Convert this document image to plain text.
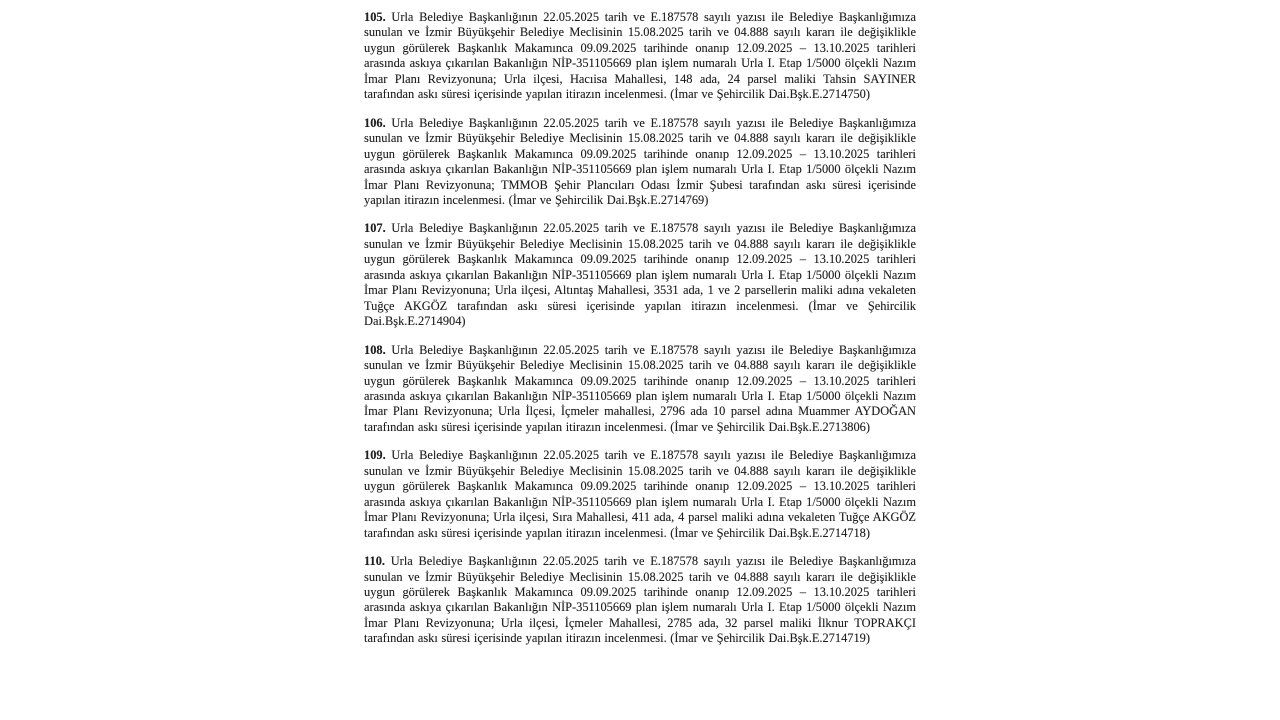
105. Urla Belediye Başkanlığının 22.05.2025 tarih ve E.187578 sayılı yazısı ile Belediye Başkanlığımıza sunulan ve İzmir Büyükşehir Belediye Meclisinin 15.08.2025 tarih ve 04.888 sayılı kararı ile değişiklikle uygun görülerek Başkanlık Makamınca 09.09.2025 tarihinde onanıp 12.09.2025 – 13.10.2025 tarihleri arasında askıya çıkarılan Bakanlığın NİP-351105669 plan işlem numaralı Urla I. Etap 1/5000 ölçekli Nazım İmar Planı Revizyonuna; Urla ilçesi, Hacıisa Mahallesi, 148 ada, 24 parsel maliki Tahsin SAYINER tarafından askı süresi içerisinde yapılan itirazın incelenmesi. (İmar ve Şehircilik Dai.Bşk.E.2714750)

106. Urla Belediye Başkanlığının 22.05.2025 tarih ve E.187578 sayılı yazısı ile Belediye Başkanlığımıza sunulan ve İzmir Büyükşehir Belediye Meclisinin 15.08.2025 tarih ve 04.888 sayılı kararı ile değişiklikle uygun görülerek Başkanlık Makamınca 09.09.2025 tarihinde onanıp 12.09.2025 – 13.10.2025 tarihleri arasında askıya çıkarılan Bakanlığın NİP-351105669 plan işlem numaralı Urla I. Etap 1/5000 ölçekli Nazım İmar Planı Revizyonuna; TMMOB Şehir Plancıları Odası İzmir Şubesi tarafından askı süresi içerisinde yapılan itirazın incelenmesi. (İmar ve Şehircilik Dai.Bşk.E.2714769)

107. Urla Belediye Başkanlığının 22.05.2025 tarih ve E.187578 sayılı yazısı ile Belediye Başkanlığımıza sunulan ve İzmir Büyükşehir Belediye Meclisinin 15.08.2025 tarih ve 04.888 sayılı kararı ile değişiklikle uygun görülerek Başkanlık Makamınca 09.09.2025 tarihinde onanıp 12.09.2025 – 13.10.2025 tarihleri arasında askıya çıkarılan Bakanlığın NİP-351105669 plan işlem numaralı Urla I. Etap 1/5000 ölçekli Nazım İmar Planı Revizyonuna; Urla ilçesi, Altıntaş Mahallesi, 3531 ada, 1 ve 2 parsellerin maliki adına vekaleten Tuğçe AKGÖZ tarafından askı süresi içerisinde yapılan itirazın incelenmesi. (İmar ve Şehircilik Dai.Bşk.E.2714904)

108. Urla Belediye Başkanlığının 22.05.2025 tarih ve E.187578 sayılı yazısı ile Belediye Başkanlığımıza sunulan ve İzmir Büyükşehir Belediye Meclisinin 15.08.2025 tarih ve 04.888 sayılı kararı ile değişiklikle uygun görülerek Başkanlık Makamınca 09.09.2025 tarihinde onanıp 12.09.2025 – 13.10.2025 tarihleri arasında askıya çıkarılan Bakanlığın NİP-351105669 plan işlem numaralı Urla I. Etap 1/5000 ölçekli Nazım İmar Planı Revizyonuna; Urla İlçesi, İçmeler mahallesi, 2796 ada 10 parsel adına Muammer AYDOĞAN tarafından askı süresi içerisinde yapılan itirazın incelenmesi. (İmar ve Şehircilik Dai.Bşk.E.2713806)

109. Urla Belediye Başkanlığının 22.05.2025 tarih ve E.187578 sayılı yazısı ile Belediye Başkanlığımıza sunulan ve İzmir Büyükşehir Belediye Meclisinin 15.08.2025 tarih ve 04.888 sayılı kararı ile değişiklikle uygun görülerek Başkanlık Makamınca 09.09.2025 tarihinde onanıp 12.09.2025 – 13.10.2025 tarihleri arasında askıya çıkarılan Bakanlığın NİP-351105669 plan işlem numaralı Urla I. Etap 1/5000 ölçekli Nazım İmar Planı Revizyonuna; Urla ilçesi, Sıra Mahallesi, 411 ada, 4 parsel maliki adına vekaleten Tuğçe AKGÖZ tarafından askı süresi içerisinde yapılan itirazın incelenmesi. (İmar ve Şehircilik Dai.Bşk.E.2714718)

110. Urla Belediye Başkanlığının 22.05.2025 tarih ve E.187578 sayılı yazısı ile Belediye Başkanlığımıza sunulan ve İzmir Büyükşehir Belediye Meclisinin 15.08.2025 tarih ve 04.888 sayılı kararı ile değişiklikle uygun görülerek Başkanlık Makamınca 09.09.2025 tarihinde onanıp 12.09.2025 – 13.10.2025 tarihleri arasında askıya çıkarılan Bakanlığın NİP-351105669 plan işlem numaralı Urla I. Etap 1/5000 ölçekli Nazım İmar Planı Revizyonuna; Urla ilçesi, İçmeler Mahallesi, 2785 ada, 32 parsel maliki İlknur TOPRAKÇI tarafından askı süresi içerisinde yapılan itirazın incelenmesi. (İmar ve Şehircilik Dai.Bşk.E.2714719)
